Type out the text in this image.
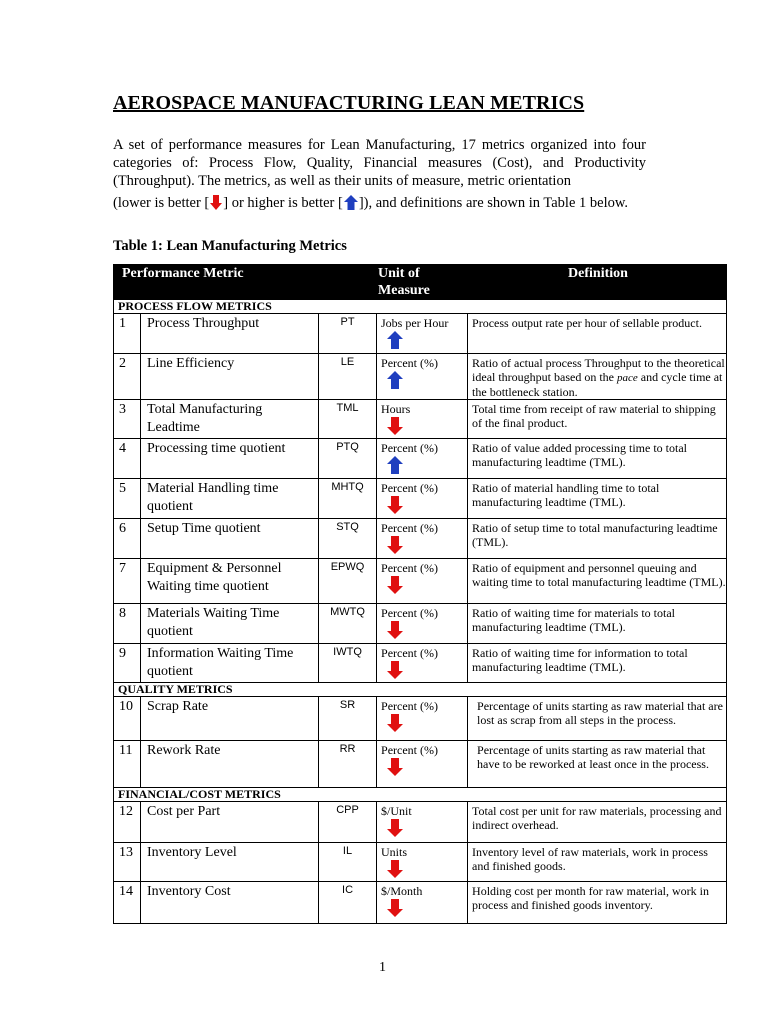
AEROSPACE MANUFACTURING LEAN METRICS
A set of performance measures for Lean Manufacturing, 17 metrics organized into four categories of: Process Flow, Quality, Financial measures (Cost), and Productivity (Throughput). The metrics, as well as their units of measure, metric orientation
(lower is better [ ] or higher is better [ ]), and definitions are shown in Table 1 below.
Table 1: Lean Manufacturing Metrics
Performance Metric		Unit of Measure		Definition
PROCESS FLOW METRICS				
1	Process Throughput	PT	Jobs per Hour	Process output rate per hour of sellable product.
2	Line Efficiency	LE	Percent (%)	Ratio of actual process Throughput to the theoretical ideal throughput based on the pace and cycle time at the bottleneck station.
3	Total Manufacturing Leadtime	TML	Hours	Total time from receipt of raw material to shipping of the final product.
4	Processing time quotient	PTQ	Percent (%)	Ratio of value added processing time to total manufacturing leadtime (TML).
5	Material Handling time quotient	MHTQ	Percent (%)	Ratio of material handling time to total manufacturing leadtime (TML).
6	Setup Time quotient	STQ	Percent (%)	Ratio of setup time to total manufacturing leadtime (TML).
7	Equipment & Personnel Waiting time quotient	EPWQ	Percent (%)	Ratio of equipment and personnel queuing and waiting time to total manufacturing leadtime (TML).
8	Materials Waiting Time quotient	MWTQ	Percent (%)	Ratio of waiting time for materials to total manufacturing leadtime (TML).
9	Information Waiting Time quotient	IWTQ	Percent (%)	Ratio of waiting time for information to total manufacturing leadtime (TML).
QUALITY METRICS				
10	Scrap Rate	SR	Percent (%)	Percentage of units starting as raw material that are lost as scrap from all steps in the process.
11	Rework Rate	RR	Percent (%)	Percentage of units starting as raw material that have to be reworked at least once in the process.
FINANCIAL/COST METRICS				
12	Cost per Part	CPP	$/Unit	Total cost per unit for raw materials, processing and indirect overhead.
13	Inventory Level	IL	Units	Inventory level of raw materials, work in process and finished goods.
14	Inventory Cost	IC	$/Month	Holding cost per month for raw material, work in process and finished goods inventory.
1
